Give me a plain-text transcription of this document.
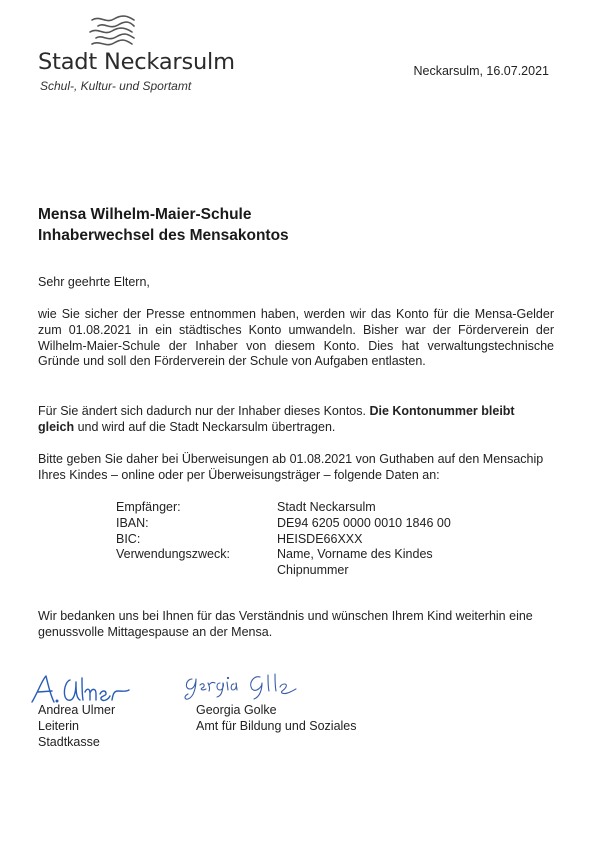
Stadt Neckarsulm
Schul-, Kultur- und Sportamt
Neckarsulm, 16.07.2021
Mensa Wilhelm-Maier-Schule
Inhaberwechsel des Mensakontos
Sehr geehrte Eltern,
wie Sie sicher der Presse entnommen haben, werden wir das Konto für die Mensa-Gelder zum 01.08.2021 in ein städtisches Konto umwandeln. Bisher war der Förderverein der Wilhelm-Maier-Schule der Inhaber von diesem Konto. Dies hat verwaltungstechnische Gründe und soll den Förderverein der Schule von Aufgaben entlasten.
Für Sie ändert sich dadurch nur der Inhaber dieses Kontos. Die Kontonummer bleibt gleich und wird auf die Stadt Neckarsulm übertragen.
Bitte geben Sie daher bei Überweisungen ab 01.08.2021 von Guthaben auf den Mensachip Ihres Kindes – online oder per Überweisungsträger – folgende Daten an:
Empfänger:	Stadt Neckarsulm
IBAN:	DE94 6205 0000 0010 1846 00
BIC:	HEISDE66XXX
Verwendungszweck:	Name, Vorname des Kindes
	Chipnummer
Wir bedanken uns bei Ihnen für das Verständnis und wünschen Ihrem Kind weiterhin eine genussvolle Mittagespause an der Mensa.
Andrea Ulmer
Leiterin
Stadtkasse
Georgia Golke
Amt für Bildung und Soziales
